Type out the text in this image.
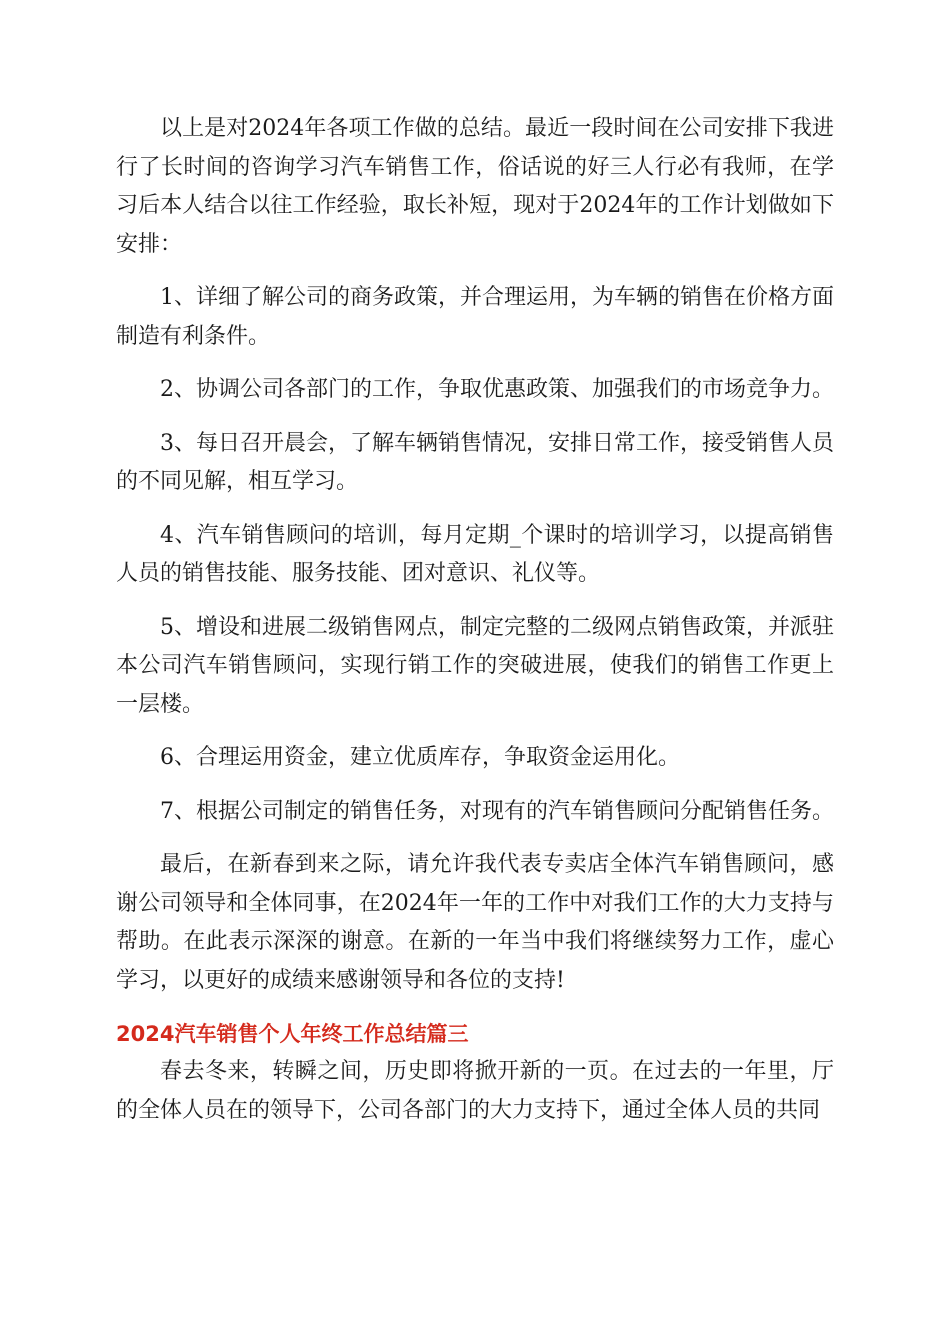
以上是对2024年各项工作做的总结。最近一段时间在公司安排下我进行了长时间的咨询学习汽车销售工作，俗话说的好三人行必有我师，在学习后本人结合以往工作经验，取长补短，现对于2024年的工作计划做如下安排：

1、详细了解公司的商务政策，并合理运用，为车辆的销售在价格方面制造有利条件。

2、协调公司各部门的工作，争取优惠政策、加强我们的市场竞争力。

3、每日召开晨会，了解车辆销售情况，安排日常工作，接受销售人员的不同见解，相互学习。

4、汽车销售顾问的培训，每月定期_个课时的培训学习，以提高销售人员的销售技能、服务技能、团对意识、礼仪等。

5、增设和进展二级销售网点，制定完整的二级网点销售政策，并派驻本公司汽车销售顾问，实现行销工作的突破进展，使我们的销售工作更上一层楼。

6、合理运用资金，建立优质库存，争取资金运用化。

7、根据公司制定的销售任务，对现有的汽车销售顾问分配销售任务。

最后，在新春到来之际，请允许我代表专卖店全体汽车销售顾问，感谢公司领导和全体同事，在2024年一年的工作中对我们工作的大力支持与帮助。在此表示深深的谢意。在新的一年当中我们将继续努力工作，虚心学习，以更好的成绩来感谢领导和各位的支持!

2024汽车销售个人年终工作总结篇三

春去冬来，转瞬之间，历史即将掀开新的一页。在过去的一年里，厅的全体人员在的领导下，公司各部门的大力支持下，通过全体人员的共同
